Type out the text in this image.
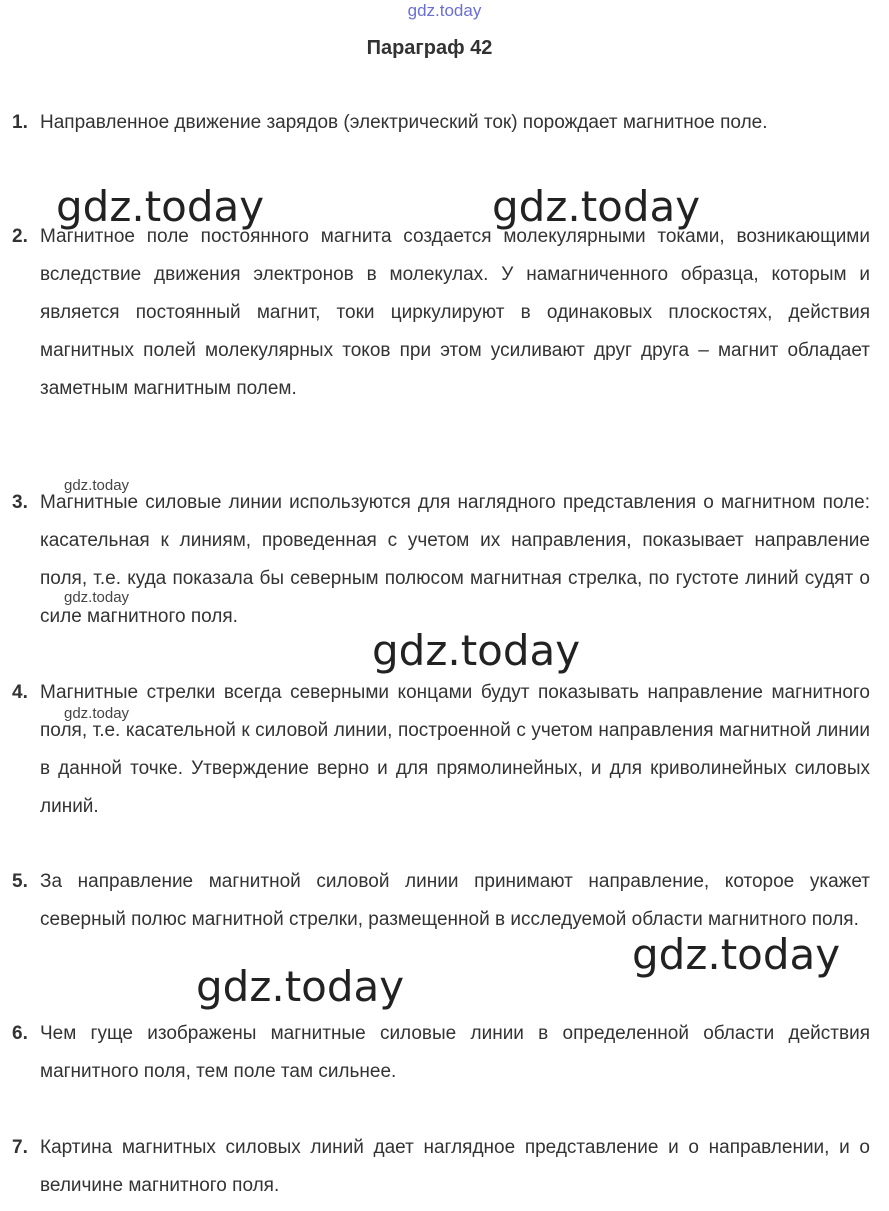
gdz.today
Параграф 42
1. Направленное движение зарядов (электрический ток) порождает магнитное поле.
2. Магнитное поле постоянного магнита создается молекулярными токами, возникающими вследствие движения электронов в молекулах. У намагниченного образца, которым и является постоянный магнит, токи циркулируют в одинаковых плоскостях, действия магнитных полей молекулярных токов при этом усиливают друг друга – магнит обладает заметным магнитным полем.
3. Магнитные силовые линии используются для наглядного представления о магнитном поле: касательная к линиям, проведенная с учетом их направления, показывает направление поля, т.е. куда показала бы северным полюсом магнитная стрелка, по густоте линий судят о силе магнитного поля.
4. Магнитные стрелки всегда северными концами будут показывать направление магнитного поля, т.е. касательной к силовой линии, построенной с учетом направления магнитной линии в данной точке. Утверждение верно и для прямолинейных, и для криволинейных силовых линий.
5. За направление магнитной силовой линии принимают направление, которое укажет северный полюс магнитной стрелки, размещенной в исследуемой области магнитного поля.
6. Чем гуще изображены магнитные силовые линии в определенной области действия магнитного поля, тем поле там сильнее.
7. Картина магнитных силовых линий дает наглядное представление и о направлении, и о величине магнитного поля.
gdz.today	gdz.today
gdz.today
gdz.today
gdz.today
gdz.today
gdz.today
gdz.today
